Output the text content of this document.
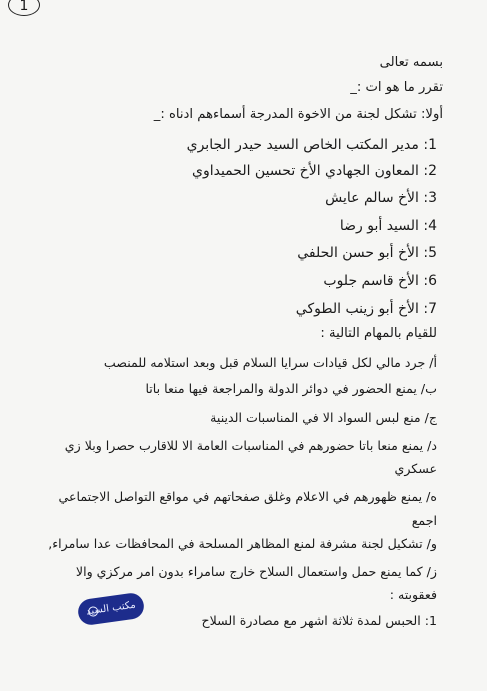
1
بسمه تعالى
تقرر ما هو ات :_
أولا: تشكل لجنة من الاخوة المدرجة أسماءهم ادناه :_
1: مدير المكتب الخاص السيد حيدر الجابري
2: المعاون الجهادي الأخ تحسين الحميداوي
3: الأخ سالم عايش
4: السيد أبو رضا
5: الأخ أبو حسن الحلفي
6: الأخ قاسم جلوب
7: الأخ أبو زينب الطوكي
للقيام بالمهام التالية :
أ/ جرد مالي لكل قيادات سرايا السلام قبل وبعد استلامه للمنصب
ب/ يمنع الحضور في دوائر الدولة والمراجعة فيها منعا باتا
ج/ منع لبس السواد الا في المناسبات الدينية
د/ يمنع منعا باتا حضورهم في المناسبات العامة الا للاقارب حصرا وبلا زي
عسكري
ه/ يمنع ظهورهم في الاعلام وغلق صفحاتهم في مواقع التواصل الاجتماعي
اجمع
و/ تشكيل لجنة مشرفة لمنع المظاهر المسلحة في المحافظات عدا سامراء,
ز/ كما يمنع حمل واستعمال السلاح خارج سامراء بدون امر مركزي والا
فعقوبته :
1: الحبس لمدة ثلاثة اشهر مع مصادرة السلاح
مكتب السيد
